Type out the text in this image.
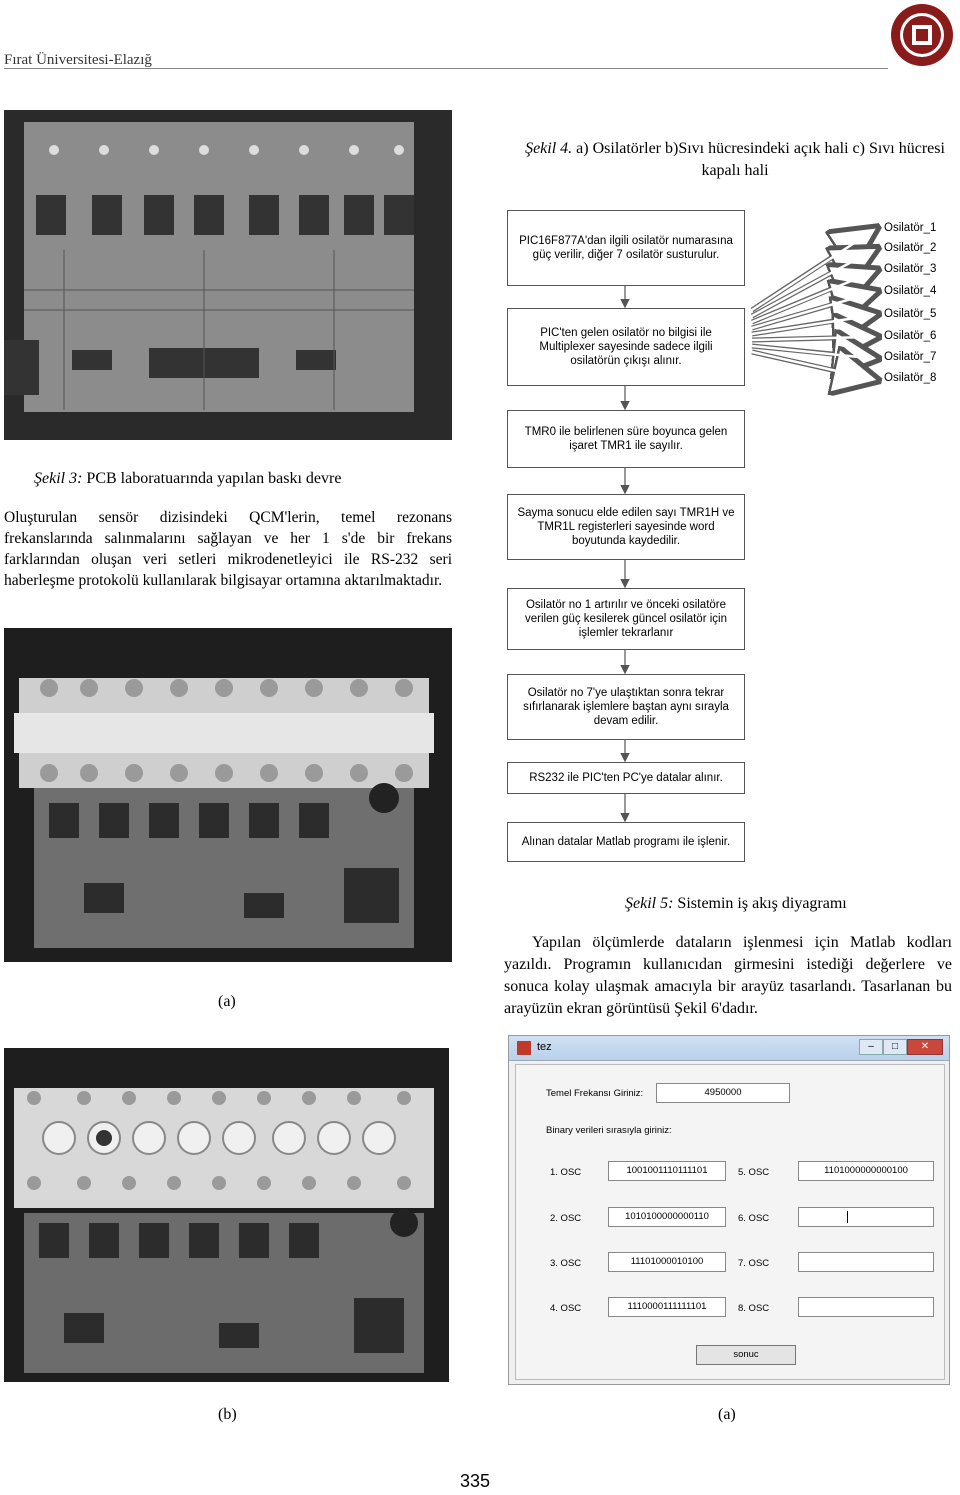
Fırat Üniversitesi-Elazığ
Şekil 3: PCB laboratuarında yapılan baskı devre
Oluşturulan sensör dizisindeki QCM'lerin, temel rezonans frekanslarında salınmalarını sağlayan ve her 1 s'de bir frekans farklarından oluşan veri setleri mikrodenetleyici ile RS-232 seri haberleşme protokolü kullanılarak bilgisayar ortamına aktarılmaktadır.
(a)
(b)
Şekil 4. a) Osilatörler b)Sıvı hücresindeki açık hali c) Sıvı hücresi kapalı hali
PIC16F877A'dan ilgili osilatör numarasına güç verilir, diğer 7 osilatör susturulur.
PIC'ten gelen osilatör no bilgisi ile Multiplexer sayesinde sadece ilgili osilatörün çıkışı alınır.
TMR0 ile belirlenen süre boyunca gelen işaret TMR1 ile sayılır.
Sayma sonucu elde edilen sayı TMR1H ve TMR1L registerleri sayesinde word boyutunda kaydedilir.
Osilatör no 1 artırılır ve önceki osilatöre verilen güç kesilerek güncel osilatör için işlemler tekrarlanır
Osilatör no 7'ye ulaştıktan sonra tekrar sıfırlanarak işlemlere baştan aynı sırayla devam edilir.
RS232 ile PIC'ten PC'ye datalar alınır.
Alınan datalar Matlab programı ile işlenir.
Osilatör_1
Osilatör_2
Osilatör_3
Osilatör_4
Osilatör_5
Osilatör_6
Osilatör_7
Osilatör_8
Şekil 5: Sistemin iş akış diyagramı
Yapılan ölçümlerde dataların işlenmesi için Matlab kodları yazıldı. Programın kullanıcıdan girmesini istediği değerlere ve sonuca kolay ulaşmak amacıyla bir arayüz tasarlandı. Tasarlanan bu arayüzün ekran görüntüsü Şekil 6'dadır.
tez	–	□	✕
Temel Frekansı Giriniz:	4950000
Binary verileri sırasıyla giriniz:
1. OSC	1001001110111101	5. OSC	1101000000000100
2. OSC	1010100000000110	6. OSC
3. OSC	11101000010100	7. OSC
4. OSC	1110000111111101	8. OSC
sonuc
(a)
335
